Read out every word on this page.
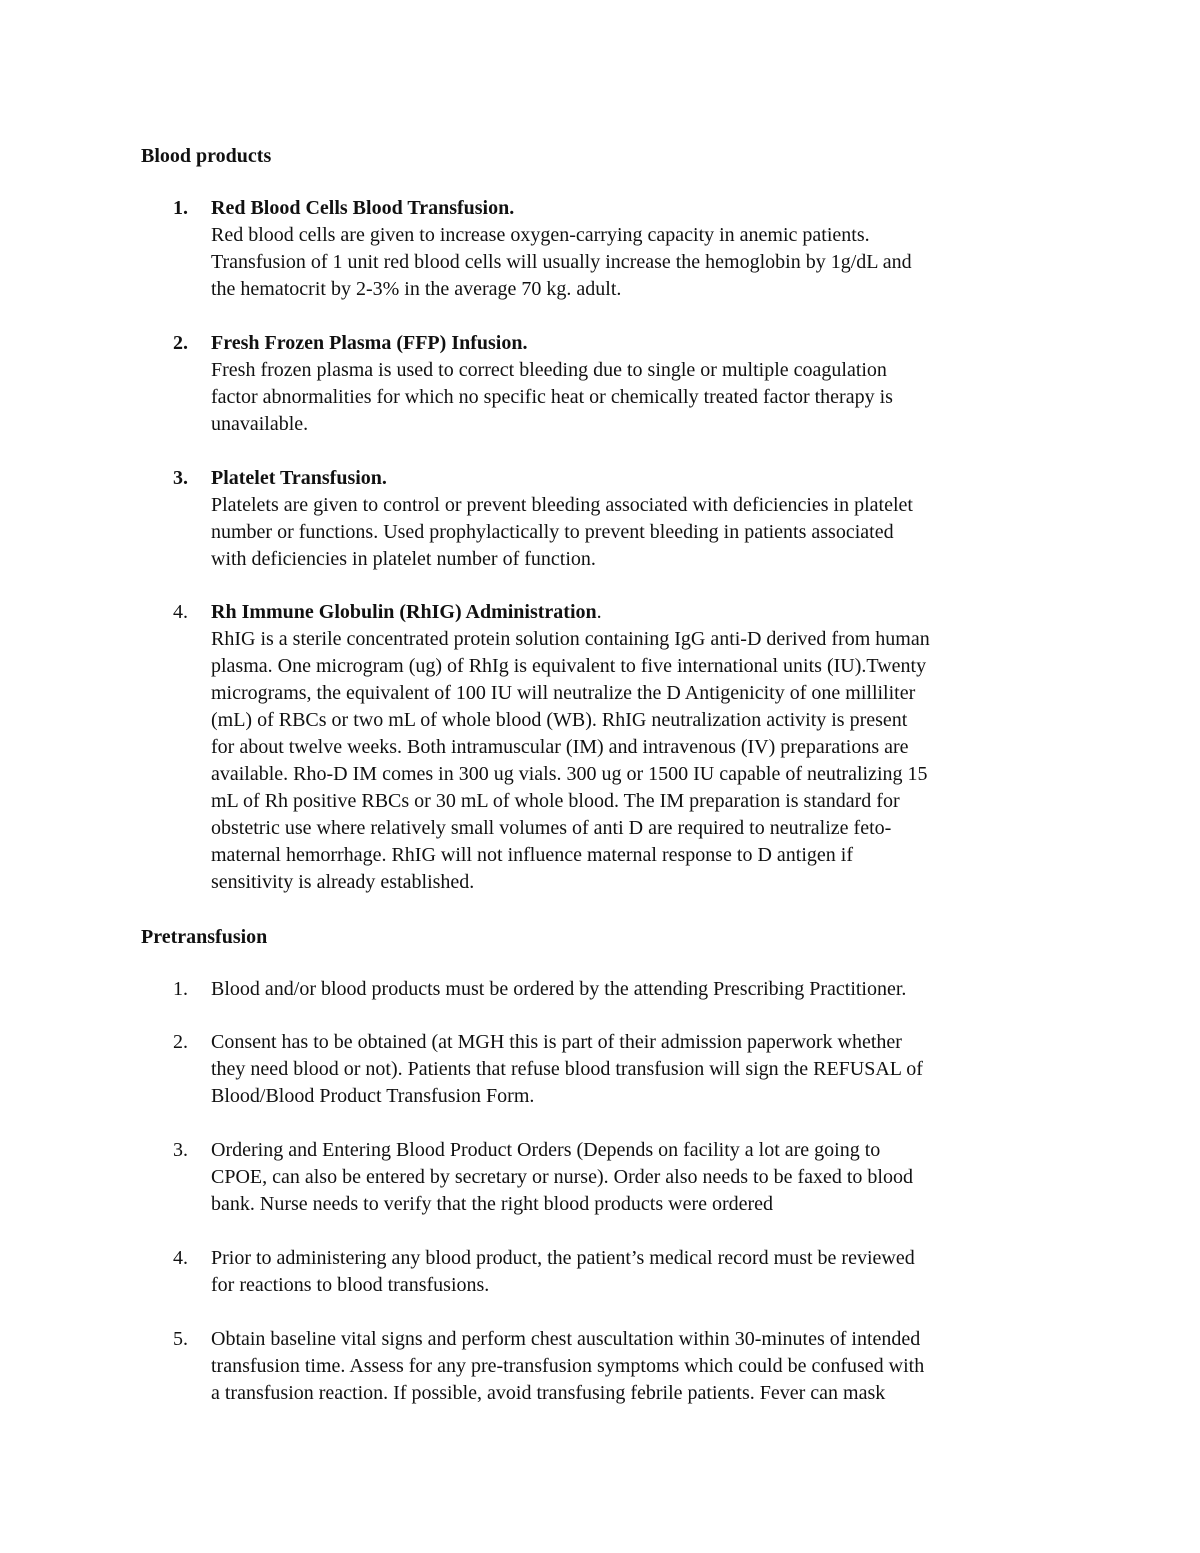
Blood products
1. Red Blood Cells Blood Transfusion.
Red blood cells are given to increase oxygen-carrying capacity in anemic patients.
Transfusion of 1 unit red blood cells will usually increase the hemoglobin by 1g/dL and
the hematocrit by 2-3% in the average 70 kg. adult.
2. Fresh Frozen Plasma (FFP) Infusion.
Fresh frozen plasma is used to correct bleeding due to single or multiple coagulation
factor abnormalities for which no specific heat or chemically treated factor therapy is
unavailable.
3. Platelet Transfusion.
Platelets are given to control or prevent bleeding associated with deficiencies in platelet
number or functions. Used prophylactically to prevent bleeding in patients associated
with deficiencies in platelet number of function.
4. Rh Immune Globulin (RhIG) Administration.
RhIG is a sterile concentrated protein solution containing IgG anti-D derived from human
plasma. One microgram (ug) of RhIg is equivalent to five international units (IU).Twenty
micrograms, the equivalent of 100 IU will neutralize the D Antigenicity of one milliliter
(mL) of RBCs or two mL of whole blood (WB). RhIG neutralization activity is present
for about twelve weeks. Both intramuscular (IM) and intravenous (IV) preparations are
available. Rho-D IM comes in 300 ug vials. 300 ug or 1500 IU capable of neutralizing 15
mL of Rh positive RBCs or 30 mL of whole blood. The IM preparation is standard for
obstetric use where relatively small volumes of anti D are required to neutralize feto-
maternal hemorrhage. RhIG will not influence maternal response to D antigen if
sensitivity is already established.
Pretransfusion
1. Blood and/or blood products must be ordered by the attending Prescribing Practitioner.
2. Consent has to be obtained (at MGH this is part of their admission paperwork whether
they need blood or not). Patients that refuse blood transfusion will sign the REFUSAL of
Blood/Blood Product Transfusion Form.
3. Ordering and Entering Blood Product Orders (Depends on facility a lot are going to
CPOE, can also be entered by secretary or nurse). Order also needs to be faxed to blood
bank. Nurse needs to verify that the right blood products were ordered
4. Prior to administering any blood product, the patient’s medical record must be reviewed
for reactions to blood transfusions.
5. Obtain baseline vital signs and perform chest auscultation within 30-minutes of intended
transfusion time. Assess for any pre-transfusion symptoms which could be confused with
a transfusion reaction. If possible, avoid transfusing febrile patients. Fever can mask
